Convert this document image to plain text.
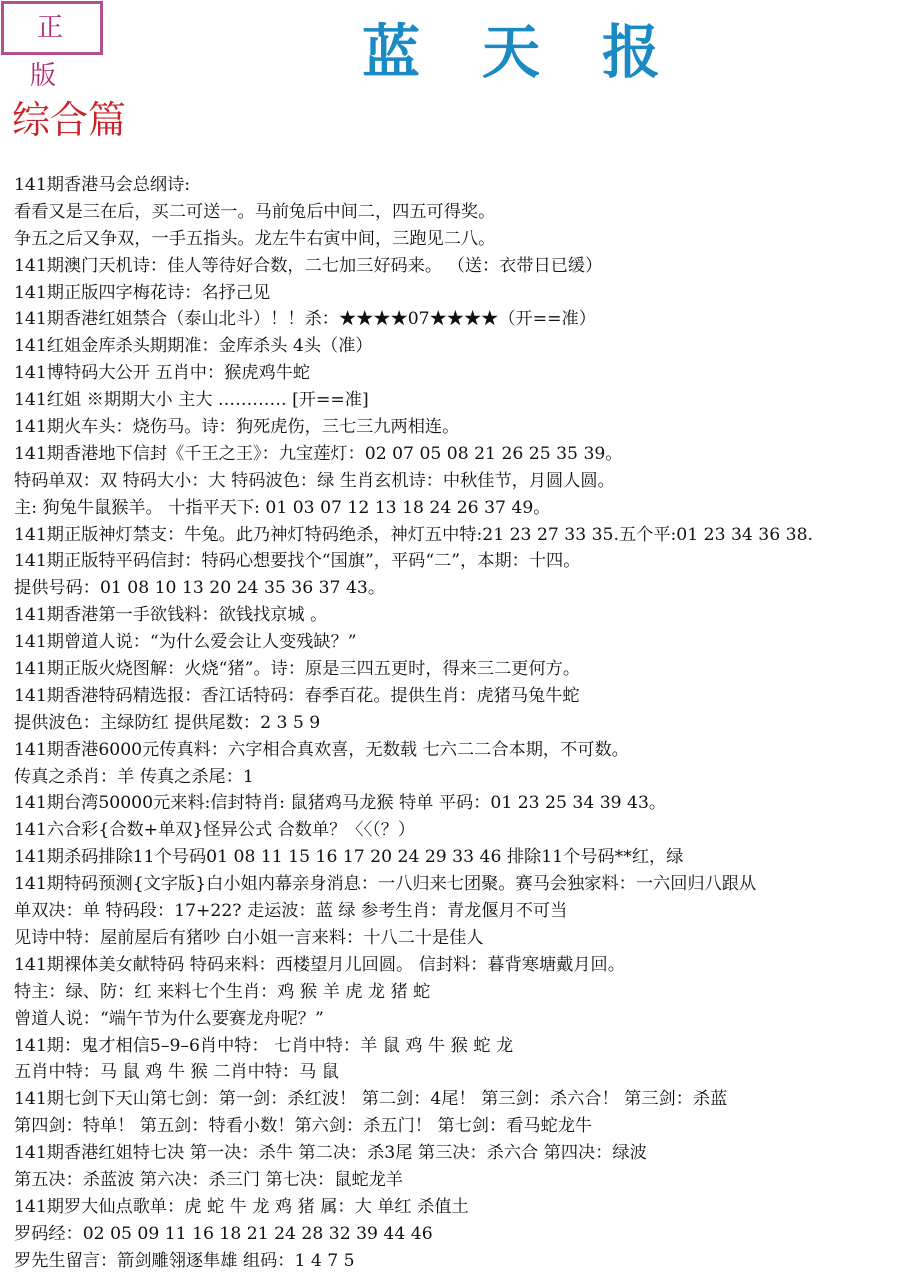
正版	蓝天报
综合篇
141期香港马会总纲诗:
看看又是三在后，买二可送一。马前兔后中间二，四五可得奖。
争五之后又争双，一手五指头。龙左牛右寅中间，三跑见二八。
141期澳门天机诗：佳人等待好合数，二七加三好码来。 （送：衣带日已缓）
141期正版四字梅花诗：名抒己见
141期香港红姐禁合（泰山北斗）！！杀：★★★★07★★★★（开==准）
141红姐金库杀头期期准：金库杀头 4头（准）
141博特码大公开 五肖中：猴虎鸡牛蛇
141红姐 ※期期大小 主大 ………… [开==准]
141期火车头：烧伤马。诗：狗死虎伤，三七三九两相连。
141期香港地下信封《千王之王》：九宝莲灯：02 07 05 08 21 26 25 35 39。
特码单双：双 特码大小：大 特码波色：绿 生肖玄机诗：中秋佳节，月圆人圆。
主: 狗兔牛鼠猴羊。 十指平天下: 01 03 07 12 13 18 24 26 37 49。
141期正版神灯禁支：牛兔。此乃神灯特码绝杀，神灯五中特:21 23 27 33 35.五个平:01 23 34 36 38.
141期正版特平码信封：特码心想要找个“国旗”，平码“二”，本期：十四。
提供号码：01 08 10 13 20 24 35 36 37 43。
141期香港第一手欲钱料：欲钱找京城 。
141期曾道人说：“为什么爱会让人变残缺？”
141期正版火烧图解：火烧“猪”。诗：原是三四五更时，得来三二更何方。
141期香港特码精选报：香江话特码：春季百花。提供生肖：虎猪马兔牛蛇
提供波色：主绿防红 提供尾数：2 3 5 9
141期香港6000元传真料：六字相合真欢喜，无数载 七六二二合本期，不可数。
传真之杀肖：羊 传真之杀尾：1
141期台湾50000元来料:信封特肖: 鼠猪鸡马龙猴 特单 平码：01 23 25 34 39 43。
141六合彩{合数+单双}怪异公式 合数单？〈〈（？）
141期杀码排除11个号码01 08 11 15 16 17 20 24 29 33 46 排除11个号码**红，绿
141期特码预测{文字版}白小姐内幕亲身消息：一八归来七团聚。赛马会独家料：一六回归八跟从
单双决：单 特码段：17+22? 走运波：蓝 绿 参考生肖：青龙偃月不可当
见诗中特：屋前屋后有猪吵 白小姐一言来料：十八二十是佳人
141期裸体美女献特码 特码来料：西楼望月儿回圆。 信封料：暮背寒塘戴月回。
特主：绿、防：红 来料七个生肖：鸡 猴 羊 虎 龙 猪 蛇
曾道人说：“端午节为什么要赛龙舟呢？”
141期：鬼才相信5–9–6肖中特： 七肖中特：羊 鼠 鸡 牛 猴 蛇 龙
五肖中特：马 鼠 鸡 牛 猴 二肖中特：马 鼠
141期七剑下天山第七剑：第一剑：杀红波！ 第二剑：4尾！ 第三剑：杀六合！ 第三剑：杀蓝
第四剑：特单！ 第五剑：特看小数！第六剑：杀五门！ 第七剑：看马蛇龙牛
141期香港红姐特七决 第一决：杀牛 第二决：杀3尾 第三决：杀六合 第四决：绿波
第五决：杀蓝波 第六决：杀三门 第七决：鼠蛇龙羊
141期罗大仙点歌单：虎 蛇 牛 龙 鸡 猪 属：大 单红 杀值土
罗码经：02 05 09 11 16 18 21 24 28 32 39 44 46
罗先生留言：箭剑雕翎逐隼雄 组码：1 4 7 5
